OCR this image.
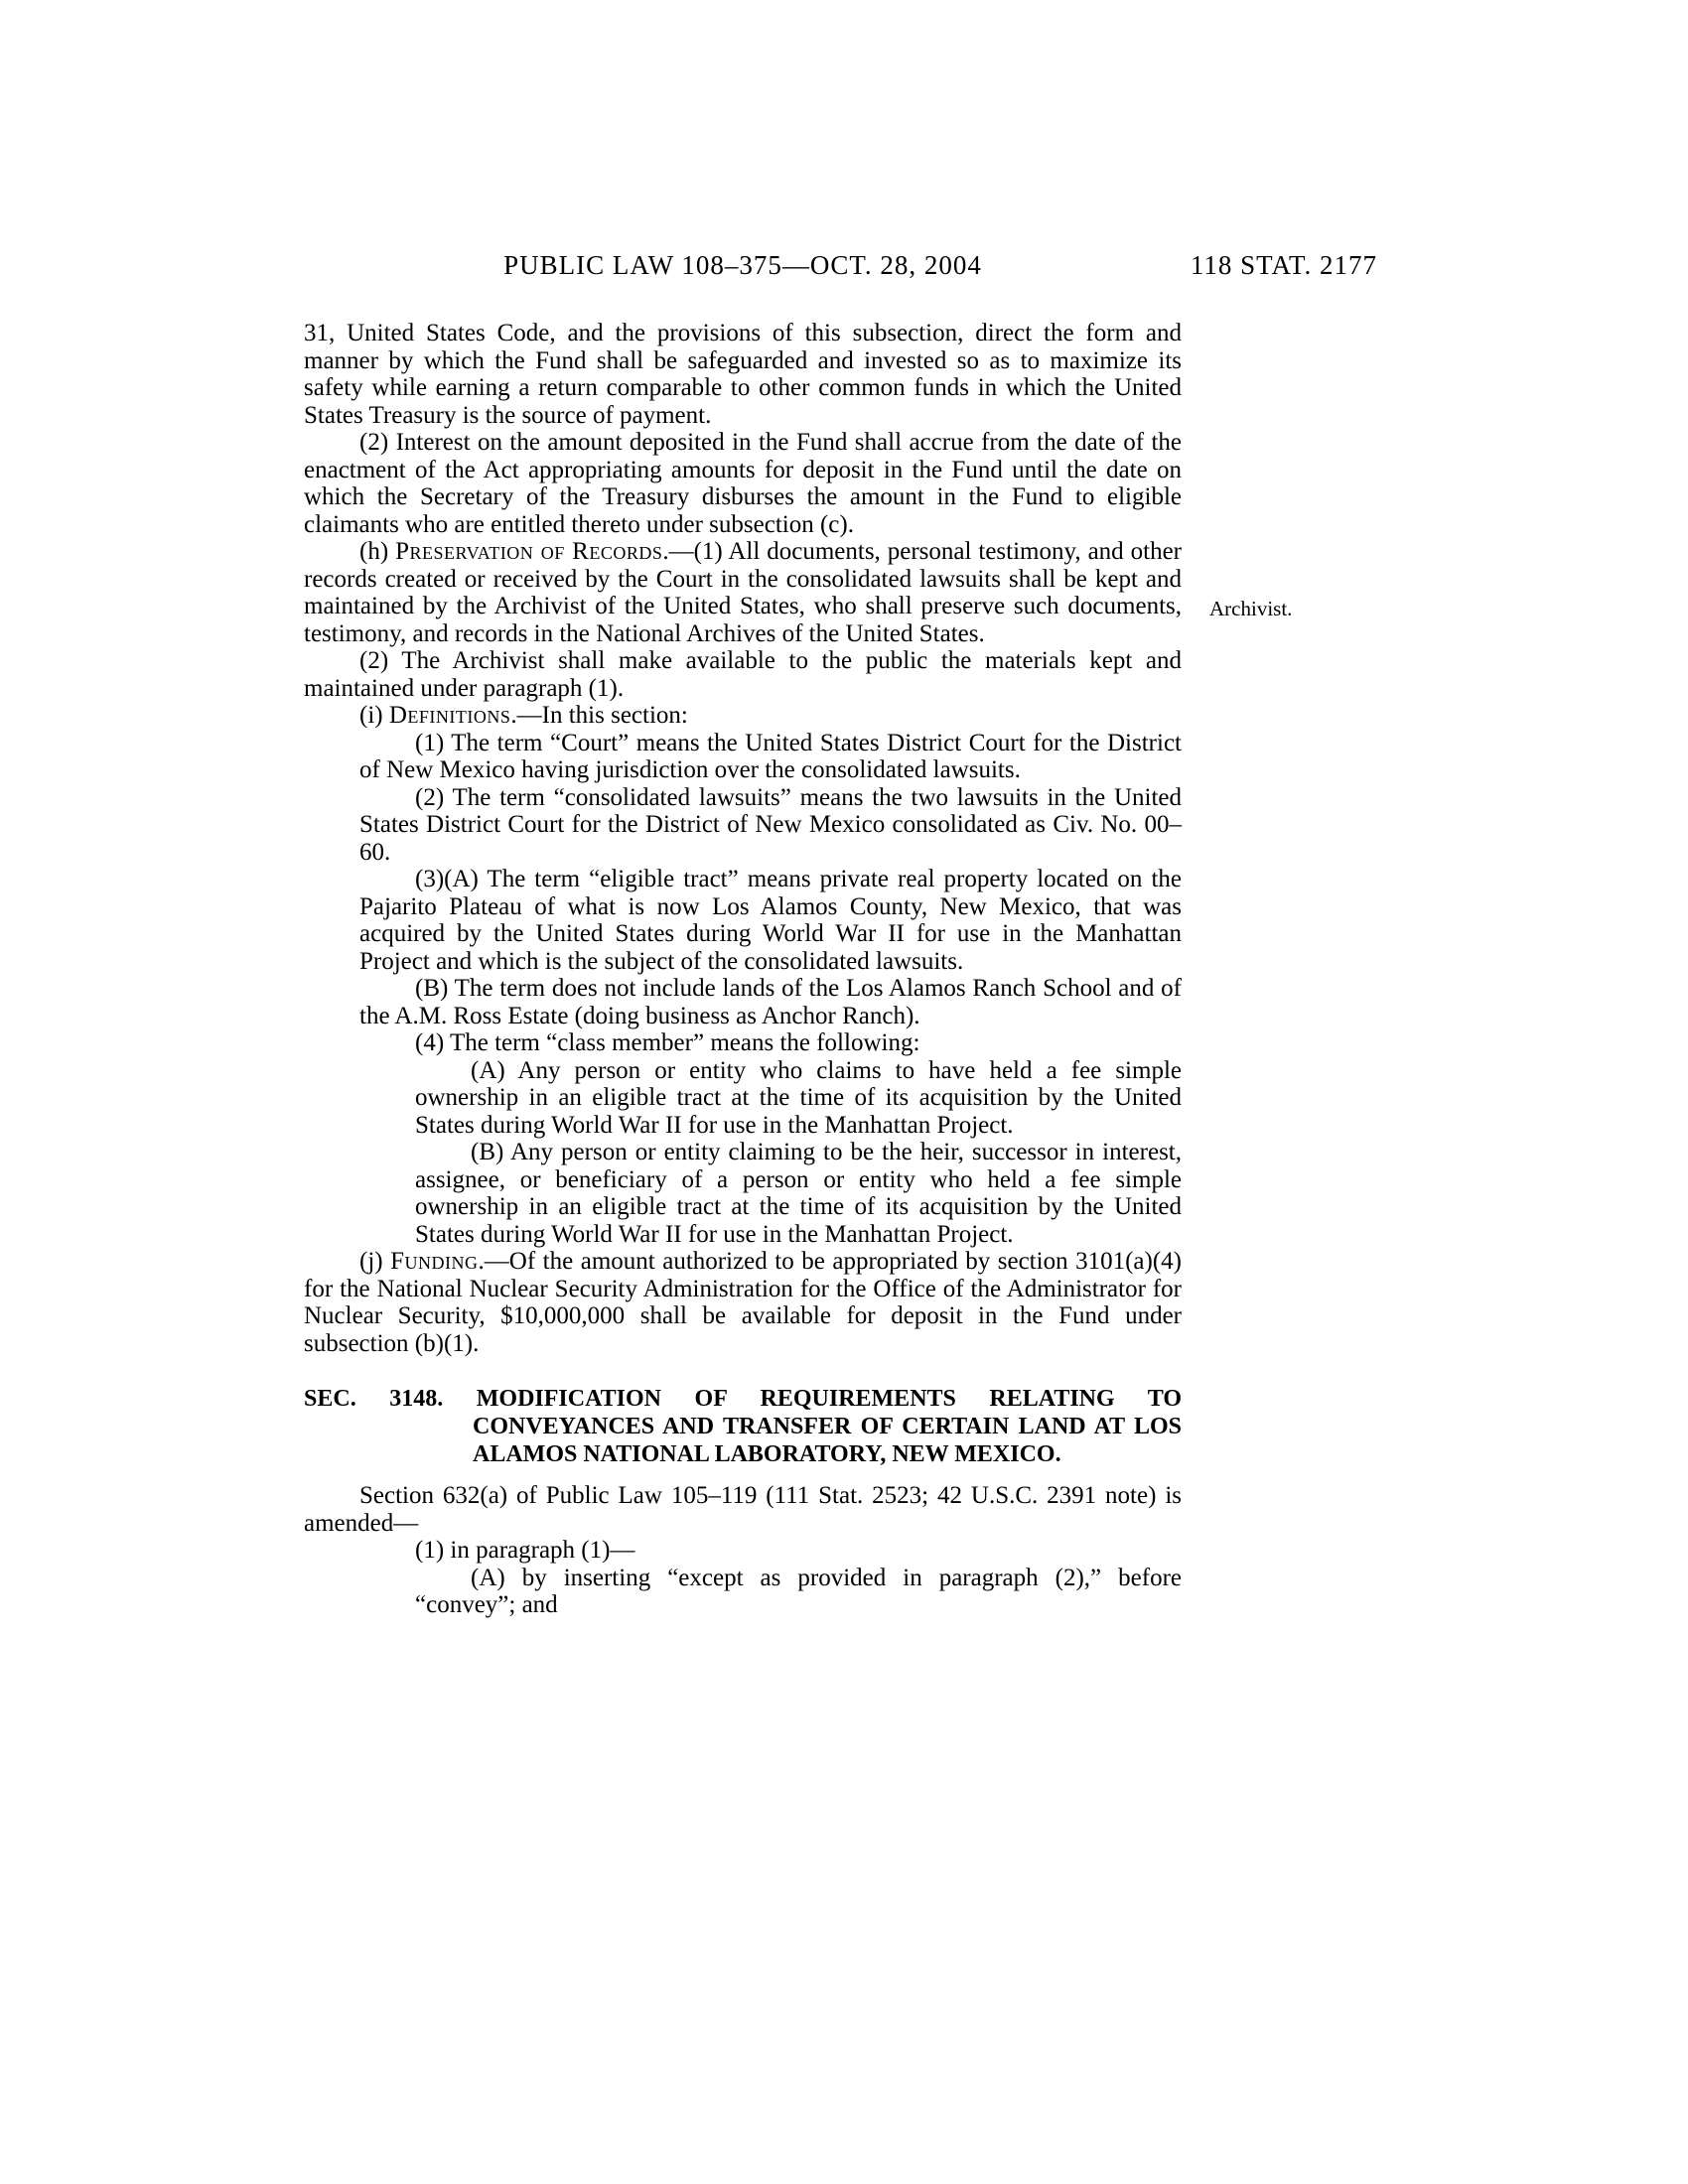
PUBLIC LAW 108–375—OCT. 28, 2004	118 STAT. 2177

31, United States Code, and the provisions of this subsection, direct the form and manner by which the Fund shall be safeguarded and invested so as to maximize its safety while earning a return comparable to other common funds in which the United States Treasury is the source of payment.

(2) Interest on the amount deposited in the Fund shall accrue from the date of the enactment of the Act appropriating amounts for deposit in the Fund until the date on which the Secretary of the Treasury disburses the amount in the Fund to eligible claimants who are entitled thereto under subsection (c).

(h) Preservation of Records.—(1) All documents, personal testimony, and other records created or received by the Court in the consolidated lawsuits shall be kept and maintained by the Archivist of the United States, who shall preserve such documents, testimony, and records in the National Archives of the United States.

(2) The Archivist shall make available to the public the materials kept and maintained under paragraph (1).

(i) Definitions.—In this section:

(1) The term “Court” means the United States District Court for the District of New Mexico having jurisdiction over the consolidated lawsuits.

(2) The term “consolidated lawsuits” means the two lawsuits in the United States District Court for the District of New Mexico consolidated as Civ. No. 00–60.

(3)(A) The term “eligible tract” means private real property located on the Pajarito Plateau of what is now Los Alamos County, New Mexico, that was acquired by the United States during World War II for use in the Manhattan Project and which is the subject of the consolidated lawsuits.

(B) The term does not include lands of the Los Alamos Ranch School and of the A.M. Ross Estate (doing business as Anchor Ranch).

(4) The term “class member” means the following:

(A) Any person or entity who claims to have held a fee simple ownership in an eligible tract at the time of its acquisition by the United States during World War II for use in the Manhattan Project.

(B) Any person or entity claiming to be the heir, successor in interest, assignee, or beneficiary of a person or entity who held a fee simple ownership in an eligible tract at the time of its acquisition by the United States during World War II for use in the Manhattan Project.

(j) Funding.—Of the amount authorized to be appropriated by section 3101(a)(4) for the National Nuclear Security Administration for the Office of the Administrator for Nuclear Security, $10,000,000 shall be available for deposit in the Fund under subsection (b)(1).

SEC. 3148. MODIFICATION OF REQUIREMENTS RELATING TO CONVEYANCES AND TRANSFER OF CERTAIN LAND AT LOS ALAMOS NATIONAL LABORATORY, NEW MEXICO.

Section 632(a) of Public Law 105–119 (111 Stat. 2523; 42 U.S.C. 2391 note) is amended—

(1) in paragraph (1)—

(A) by inserting “except as provided in paragraph (2),” before “convey”; and

Archivist.
